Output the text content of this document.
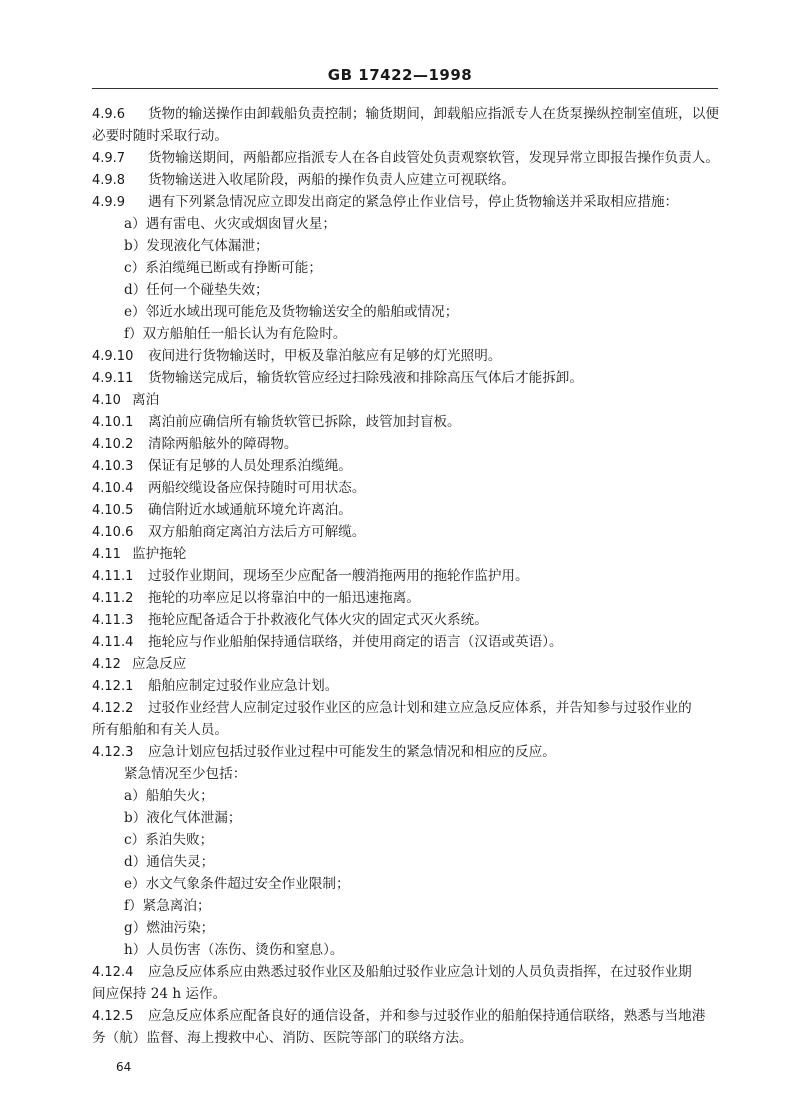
GB 17422—1998
4.9.6 货物的输送操作由卸载船负责控制；输货期间，卸载船应指派专人在货泵操纵控制室值班，以便
必要时随时采取行动。
4.9.7 货物输送期间，两船都应指派专人在各自歧管处负责观察软管，发现异常立即报告操作负责人。
4.9.8 货物输送进入收尾阶段，两船的操作负责人应建立可视联络。
4.9.9 遇有下列紧急情况应立即发出商定的紧急停止作业信号，停止货物输送并采取相应措施：
a）遇有雷电、火灾或烟囱冒火星；
b）发现液化气体漏泄；
c）系泊缆绳已断或有挣断可能；
d）任何一个碰垫失效；
e）邻近水域出现可能危及货物输送安全的船舶或情况；
f）双方船舶任一船长认为有危险时。
4.9.10 夜间进行货物输送时，甲板及靠泊舷应有足够的灯光照明。
4.9.11 货物输送完成后，输货软管应经过扫除残液和排除高压气体后才能拆卸。
4.10 离泊
4.10.1 离泊前应确信所有输货软管已拆除，歧管加封盲板。
4.10.2 清除两船舷外的障碍物。
4.10.3 保证有足够的人员处理系泊缆绳。
4.10.4 两船绞缆设备应保持随时可用状态。
4.10.5 确信附近水域通航环境允许离泊。
4.10.6 双方船舶商定离泊方法后方可解缆。
4.11 监护拖轮
4.11.1 过驳作业期间，现场至少应配备一艘消拖两用的拖轮作监护用。
4.11.2 拖轮的功率应足以将靠泊中的一船迅速拖离。
4.11.3 拖轮应配备适合于扑救液化气体火灾的固定式灭火系统。
4.11.4 拖轮应与作业船舶保持通信联络，并使用商定的语言（汉语或英语）。
4.12 应急反应
4.12.1 船舶应制定过驳作业应急计划。
4.12.2 过驳作业经营人应制定过驳作业区的应急计划和建立应急反应体系，并告知参与过驳作业的
所有船舶和有关人员。
4.12.3 应急计划应包括过驳作业过程中可能发生的紧急情况和相应的反应。
紧急情况至少包括：
a）船舶失火；
b）液化气体泄漏；
c）系泊失败；
d）通信失灵；
e）水文气象条件超过安全作业限制；
f）紧急离泊；
g）燃油污染；
h）人员伤害（冻伤、烫伤和窒息）。
4.12.4 应急反应体系应由熟悉过驳作业区及船舶过驳作业应急计划的人员负责指挥，在过驳作业期
间应保持 24 h 运作。
4.12.5 应急反应体系应配备良好的通信设备，并和参与过驳作业的船舶保持通信联络，熟悉与当地港
务（航）监督、海上搜救中心、消防、医院等部门的联络方法。
64
